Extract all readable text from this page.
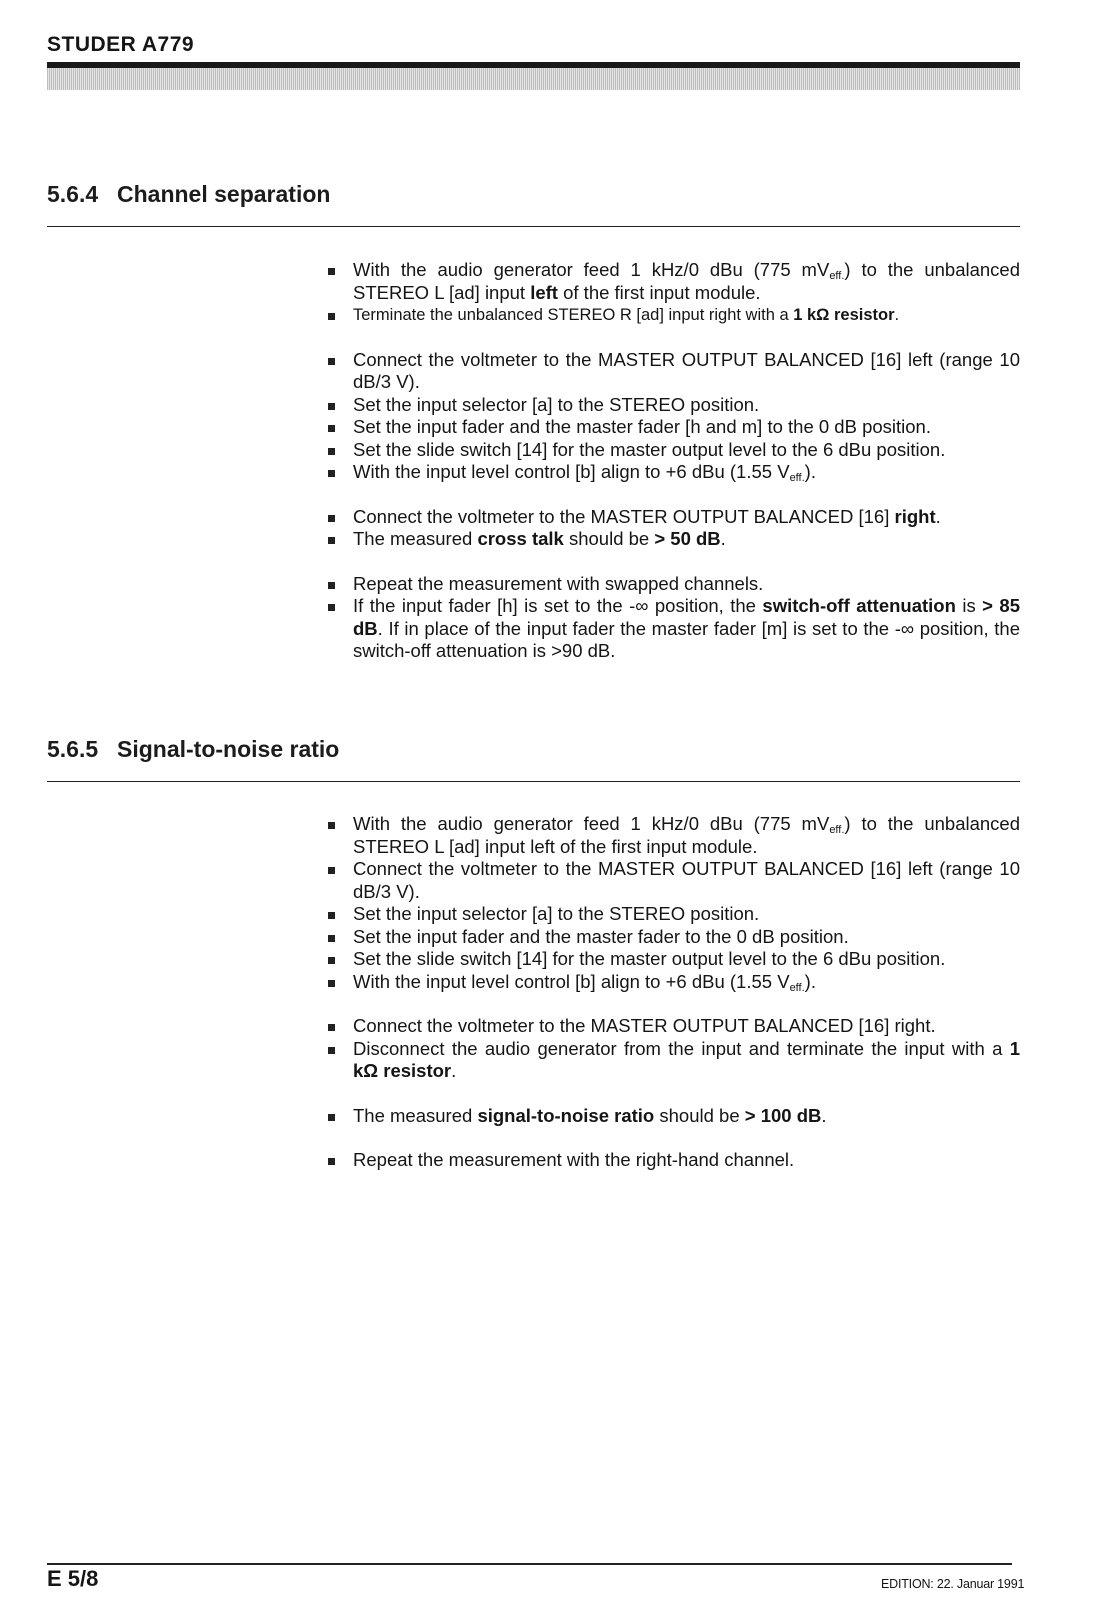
STUDER A779
5.6.4 Channel separation
With the audio generator feed 1 kHz/0 dBu (775 $mV_{eff.}$) to the unbalanced STEREO L [ad] input left of the first input module.
Terminate the unbalanced STEREO R [ad] input right with a 1 kΩ resistor.
Connect the voltmeter to the MASTER OUTPUT BALANCED [16] left (range 10 dB/3 V).
Set the input selector [a] to the STEREO position.
Set the input fader and the master fader [h and m] to the 0 dB position.
Set the slide switch [14] for the master output level to the 6 dBu position.
With the input level control [b] align to +6 dBu (1.55 $V_{eff.}$).
Connect the voltmeter to the MASTER OUTPUT BALANCED [16] right.
The measured cross talk should be > 50 dB.
Repeat the measurement with swapped channels.
If the input fader [h] is set to the -∞ position, the switch-off attenuation is > 85 dB. If in place of the input fader the master fader [m] is set to the -∞ position, the switch-off attenuation is >90 dB.
5.6.5 Signal-to-noise ratio
With the audio generator feed 1 kHz/0 dBu (775 $mV_{eff.}$) to the unbalanced STEREO L [ad] input left of the first input module.
Connect the voltmeter to the MASTER OUTPUT BALANCED [16] left (range 10 dB/3 V).
Set the input selector [a] to the STEREO position.
Set the input fader and the master fader to the 0 dB position.
Set the slide switch [14] for the master output level to the 6 dBu position.
With the input level control [b] align to +6 dBu (1.55 $V_{eff.}$).
Connect the voltmeter to the MASTER OUTPUT BALANCED [16] right.
Disconnect the audio generator from the input and terminate the input with a 1 kΩ resistor.
The measured signal-to-noise ratio should be > 100 dB.
Repeat the measurement with the right-hand channel.
E 5/8	EDITION: 22. Januar 1991
